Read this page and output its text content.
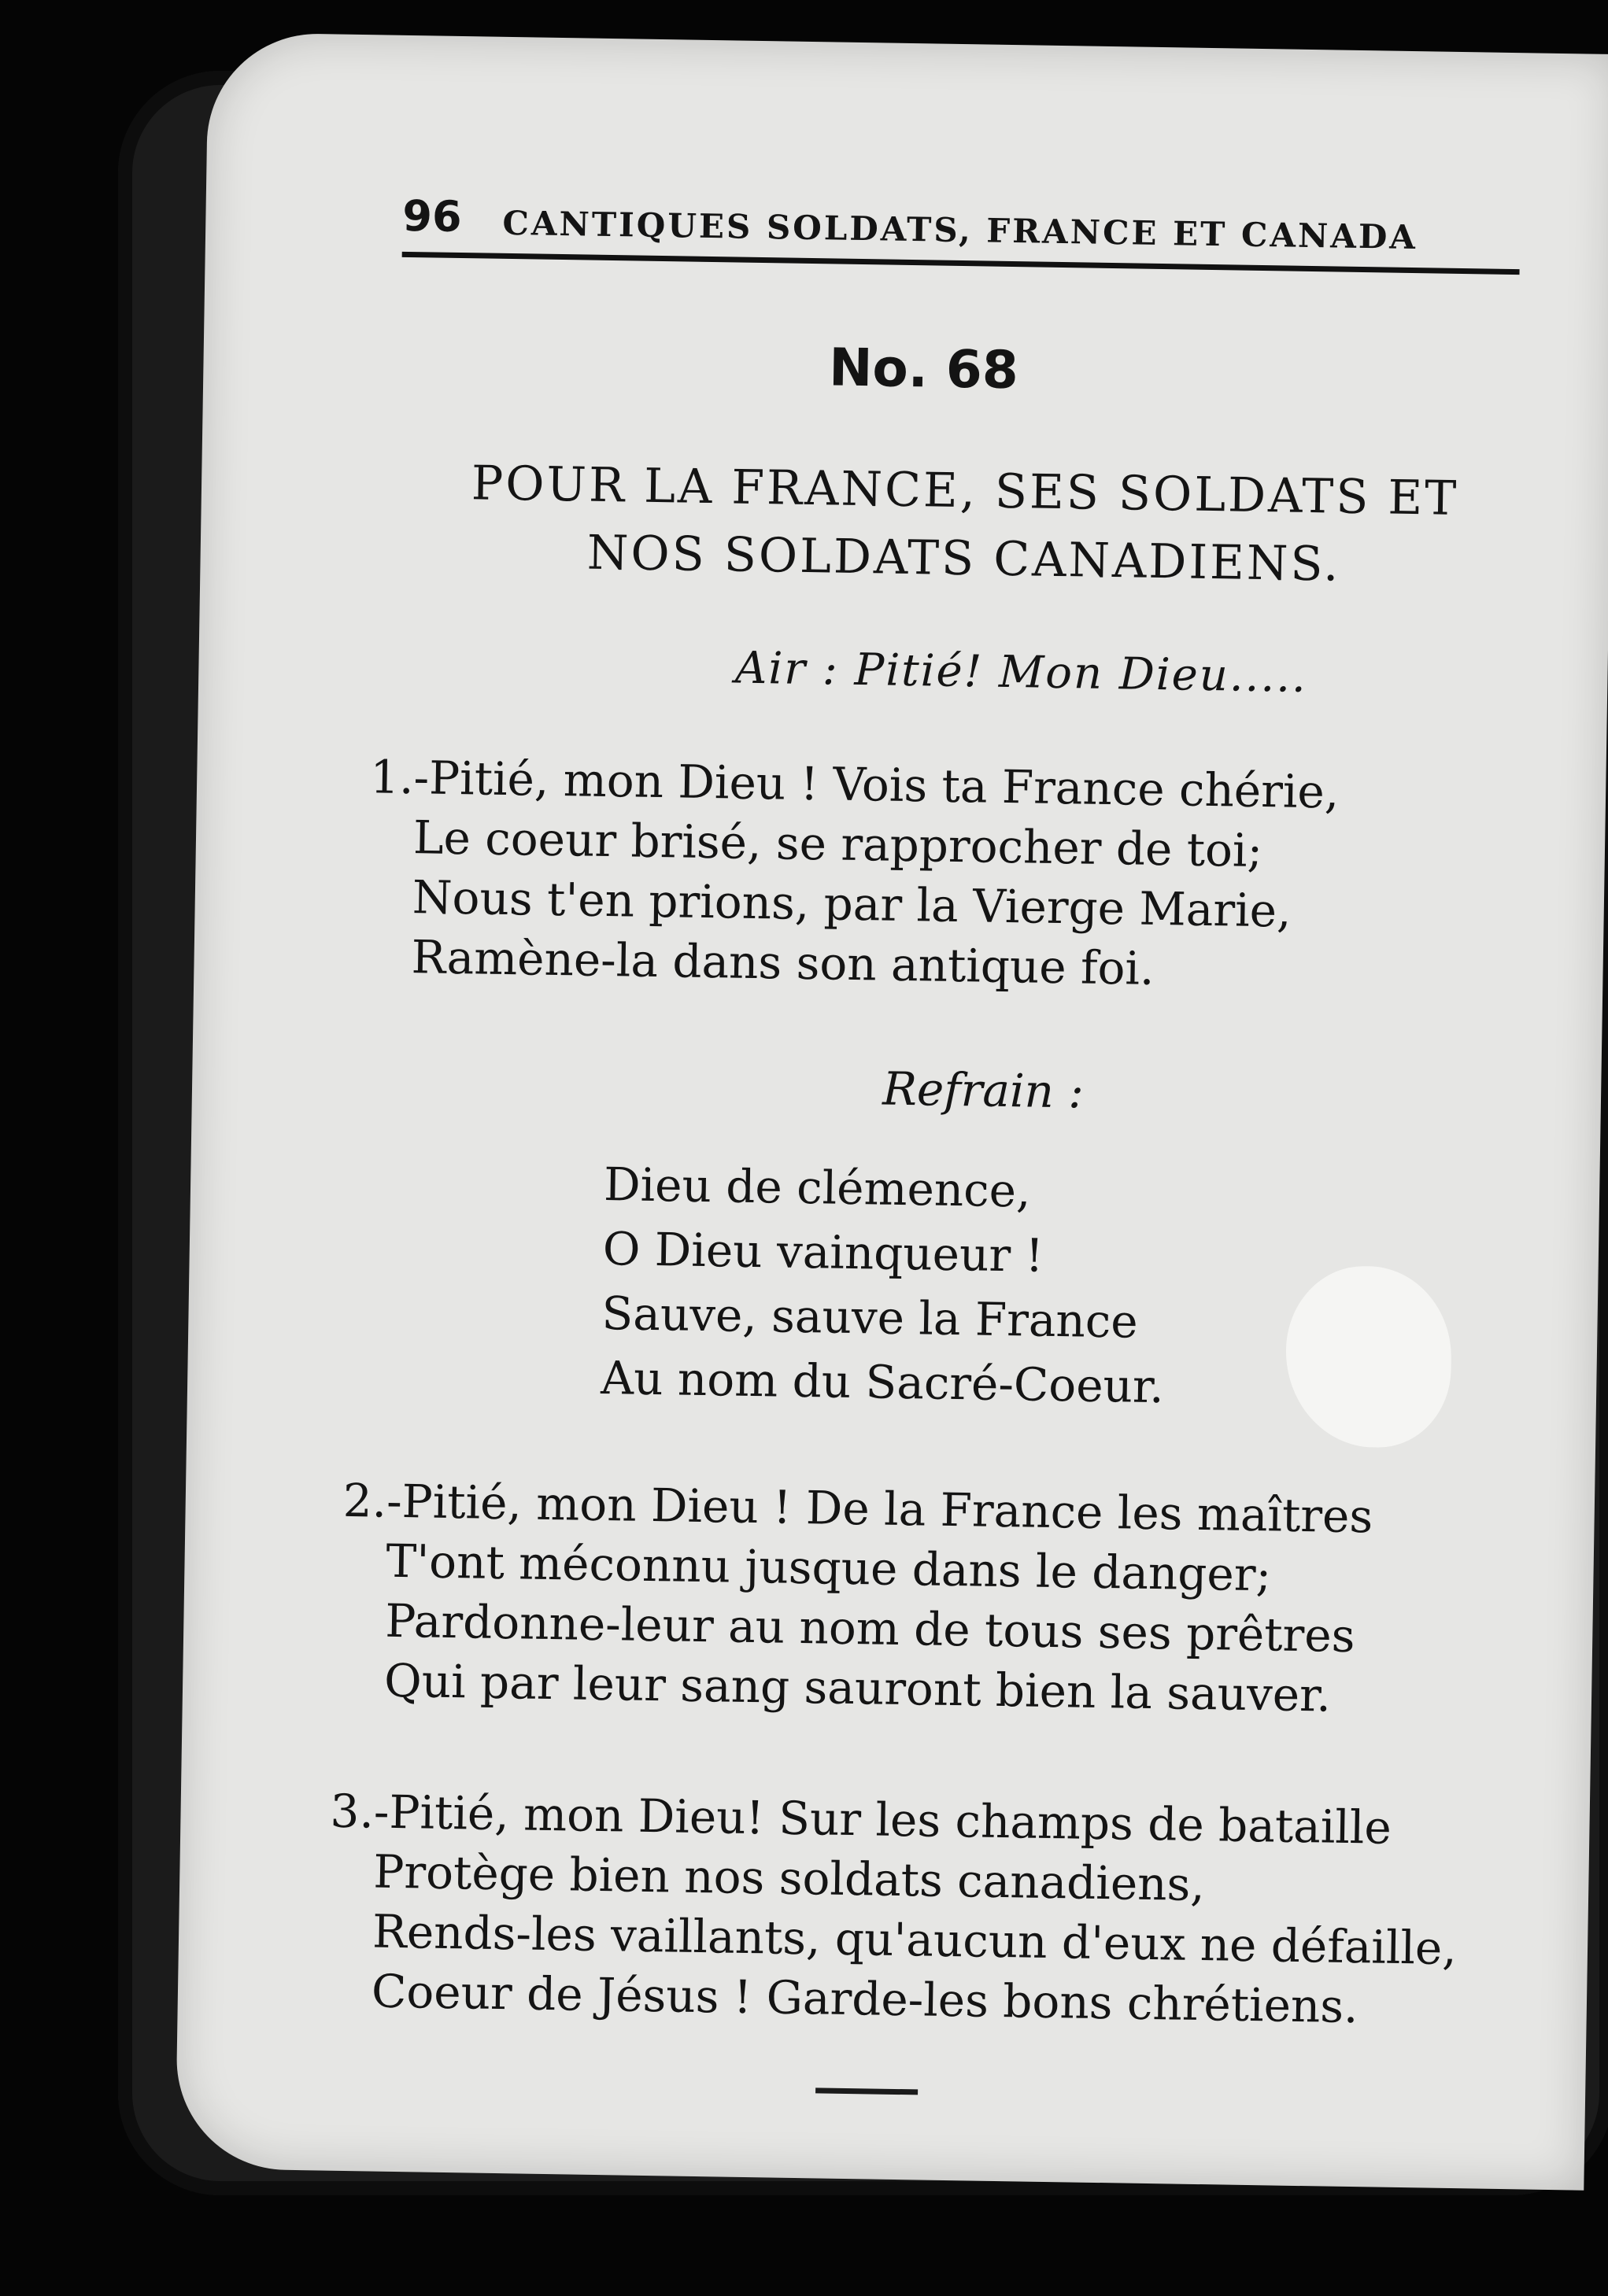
96 CANTIQUES SOLDATS, FRANCE ET CANADA
No. 68
POUR LA FRANCE, SES SOLDATS ET
NOS SOLDATS CANADIENS.
Air : Pitié! Mon Dieu.....
1.-Pitié, mon Dieu ! Vois ta France chérie,
Le coeur brisé, se rapprocher de toi;
Nous t'en prions, par la Vierge Marie,
Ramène-la dans son antique foi.
Refrain :
Dieu de clémence,
O Dieu vainqueur !
Sauve, sauve la France
Au nom du Sacré-Coeur.
2.-Pitié, mon Dieu ! De la France les maîtres
T'ont méconnu jusque dans le danger;
Pardonne-leur au nom de tous ses prêtres
Qui par leur sang sauront bien la sauver.
3.-Pitié, mon Dieu! Sur les champs de bataille
Protège bien nos soldats canadiens,
Rends-les vaillants, qu'aucun d'eux ne défaille,
Coeur de Jésus ! Garde-les bons chrétiens.
